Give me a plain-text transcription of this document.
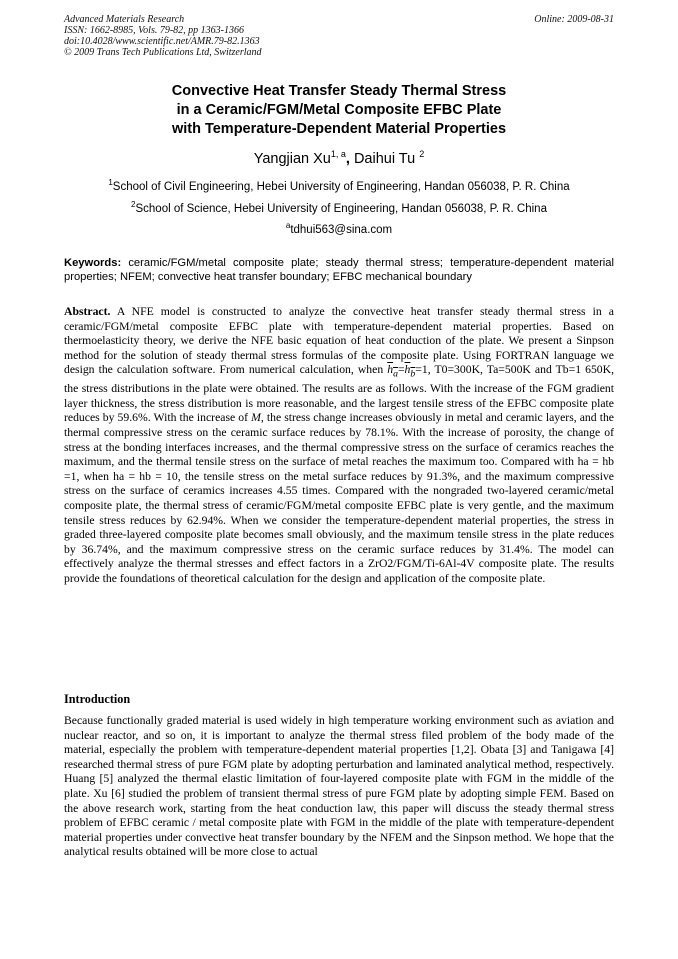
Advanced Materials Research
ISSN: 1662-8985, Vols. 79-82, pp 1363-1366
doi:10.4028/www.scientific.net/AMR.79-82.1363
© 2009 Trans Tech Publications Ltd, Switzerland
Online: 2009-08-31
Convective Heat Transfer Steady Thermal Stress
in a Ceramic/FGM/Metal Composite EFBC Plate
with Temperature-Dependent Material Properties
Yangjian Xu$^{1, a}$, Daihui Tu $^2$
$^1$School of Civil Engineering, Hebei University of Engineering, Handan 056038, P. R. China
$^2$School of Science, Hebei University of Engineering, Handan 056038, P. R. China
$^a$tdhui563@sina.com
Keywords: ceramic/FGM/metal composite plate; steady thermal stress; temperature-dependent material properties; NFEM; convective heat transfer boundary; EFBC mechanical boundary
Abstract. A NFE model is constructed to analyze the convective heat transfer steady thermal stress in a ceramic/FGM/metal composite EFBC plate with temperature-dependent material properties. Based on thermoelasticity theory, we derive the NFE basic equation of heat conduction of the plate. We present a Sinpson method for the solution of steady thermal stress formulas of the composite plate. Using FORTRAN language we design the calculation software. From numerical calculation, when $h_a=h_b=1$, T0=300K, Ta=500K and Tb=1 650K, the stress distributions in the plate were obtained. The results are as follows. With the increase of the FGM gradient layer thickness, the stress distribution is more reasonable, and the largest tensile stress of the EFBC composite plate reduces by 59.6%. With the increase of M, the stress change increases obviously in metal and ceramic layers, and the thermal compressive stress on the ceramic surface reduces by 78.1%. With the increase of porosity, the change of stress at the bonding interfaces increases, and the thermal compressive stress on the surface of ceramics reaches the maximum, and the thermal tensile stress on the surface of metal reaches the maximum too. Compared with ha = hb =1, when ha = hb = 10, the tensile stress on the metal surface reduces by 91.3%, and the maximum compressive stress on the surface of ceramics increases 4.55 times. Compared with the nongraded two-layered ceramic/metal composite plate, the thermal stress of ceramic/FGM/metal composite EFBC plate is very gentle, and the maximum tensile stress reduces by 62.94%. When we consider the temperature-dependent material properties, the stress in graded three-layered composite plate becomes small obviously, and the maximum tensile stress in the plate reduces by 36.74%, and the maximum compressive stress on the ceramic surface reduces by 31.4%. The model can effectively analyze the thermal stresses and effect factors in a ZrO2/FGM/Ti-6Al-4V composite plate. The results provide the foundations of theoretical calculation for the design and application of the composite plate.
Introduction
Because functionally graded material is used widely in high temperature working environment such as aviation and nuclear reactor, and so on, it is important to analyze the thermal stress filed problem of the body made of the material, especially the problem with temperature-dependent material properties [1,2]. Obata [3] and Tanigawa [4] researched thermal stress of pure FGM plate by adopting perturbation and laminated analytical method, respectively. Huang [5] analyzed the thermal elastic limitation of four-layered composite plate with FGM in the middle of the plate. Xu [6] studied the problem of transient thermal stress of pure FGM plate by adopting simple FEM. Based on the above research work, starting from the heat conduction law, this paper will discuss the steady thermal stress problem of EFBC ceramic / metal composite plate with FGM in the middle of the plate with temperature-dependent material properties under convective heat transfer boundary by the NFEM and the Sinpson method. We hope that the analytical results obtained will be more close to actual
